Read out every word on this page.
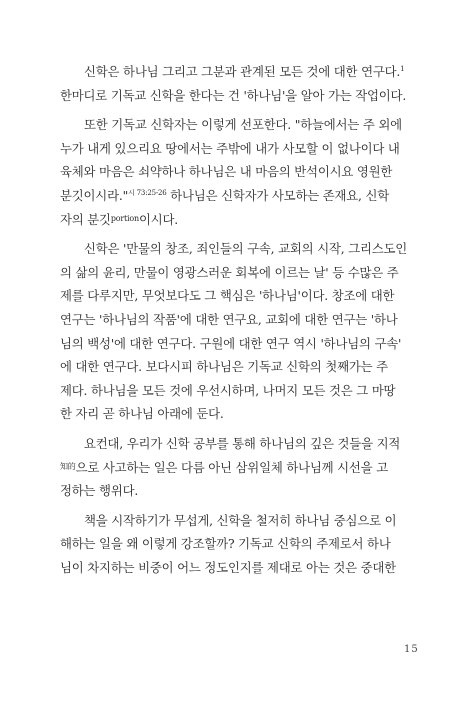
신학은 하나님 그리고 그분과 관계된 모든 것에 대한 연구다.$^1$
한마디로 기독교 신학을 한다는 건 '하나님'을 알아 가는 작업이다.
또한 기독교 신학자는 이렇게 선포한다. "하늘에서는 주 외에
누가 내게 있으리요 땅에서는 주밖에 내가 사모할 이 없나이다 내
육체와 마음은 쇠약하나 하나님은 내 마음의 반석이시요 영원한
분깃이시라."$^{시 73:25-26}$ 하나님은 신학자가 사모하는 존재요, 신학
자의 분깃$^{portion}$이시다.
신학은 '만물의 창조, 죄인들의 구속, 교회의 시작, 그리스도인
의 삶의 윤리, 만물이 영광스러운 회복에 이르는 날' 등 수많은 주
제를 다루지만, 무엇보다도 그 핵심은 '하나님'이다. 창조에 대한
연구는 '하나님의 작품'에 대한 연구요, 교회에 대한 연구는 '하나
님의 백성'에 대한 연구다. 구원에 대한 연구 역시 '하나님의 구속'
에 대한 연구다. 보다시피 하나님은 기독교 신학의 첫째가는 주
제다. 하나님을 모든 것에 우선시하며, 나머지 모든 것은 그 마땅
한 자리 곧 하나님 아래에 둔다.
요컨대, 우리가 신학 공부를 통해 하나님의 깊은 것들을 지적
$^{知的}$으로 사고하는 일은 다름 아닌 삼위일체 하나님께 시선을 고
정하는 행위다.
책을 시작하기가 무섭게, 신학을 철저히 하나님 중심으로 이
해하는 일을 왜 이렇게 강조할까? 기독교 신학의 주제로서 하나
님이 차지하는 비중이 어느 정도인지를 제대로 아는 것은 중대한
15
